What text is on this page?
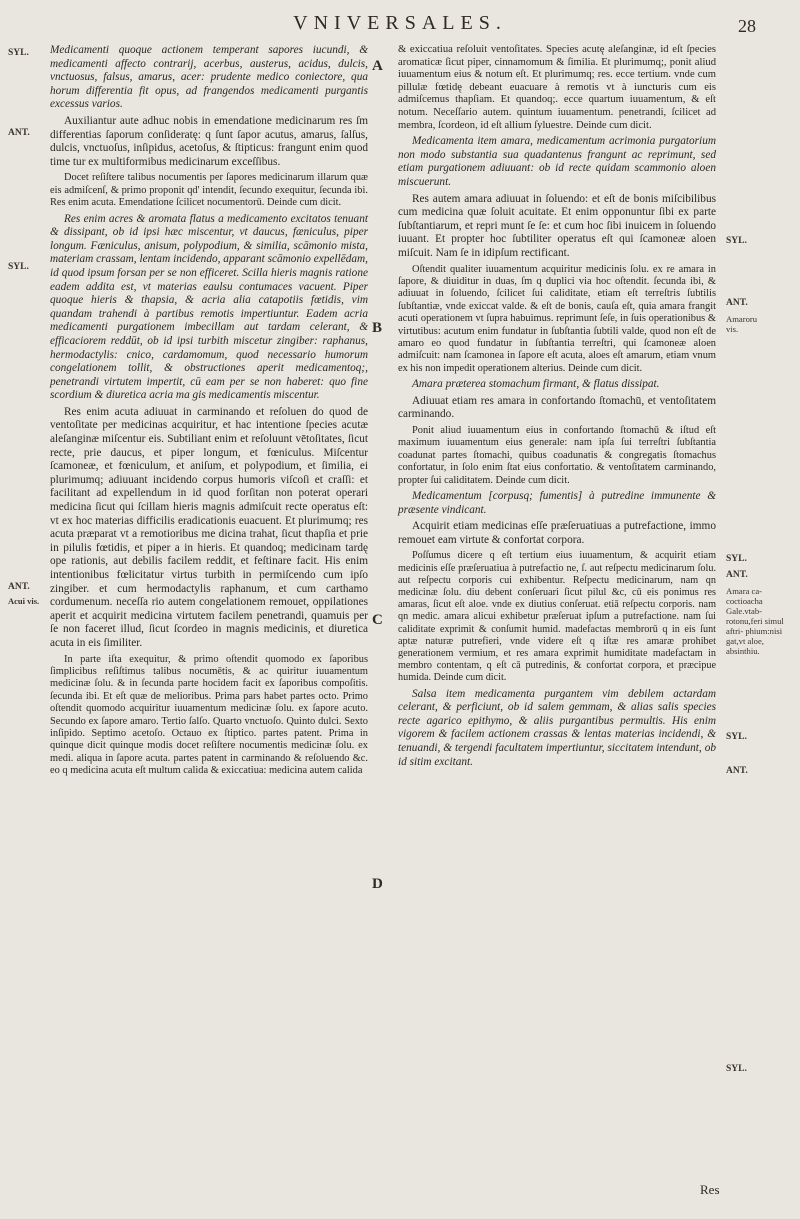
VNIVERSALES.	28
SYL.
ANT.
SYL.
ANT.
Acui vis.
SYL.
ANT.
Amaroru vis.
SYL.
ANT.
Amara ca- coctioacha Gale.vtab- rotonu,feri simul aftri- phium:nisi gat,vt aloe, absinthiu.
SYL.
ANT.
SYL.
A
B
C
D

Medicamenti quoque actionem temperant sapores iucundi, & medicamenti affecto contrarij, acerbus, austerus, acidus, dulcis, vnctuosus, falsus, amarus, acer: prudente medico coniectore, qua horum differentia fit opus, ad frangendos medicamenti purgantis excessus varios.

Auxiliantur aute adhuc nobis in emendatione medicinarum res ſm differentias ſaporum conſideratę: q ſunt ſapor acutus, amarus, ſalſus, dulcis, vnctuoſus, inſipidus, acetoſus, & ſtipticus: frangunt enim quod time tur ex multiformibus medicinarum exceſſibus.

Docet reſiſtere talibus nocumentis per ſapores medicinarum illarum quæ eis admiſcenſ, & primo proponit qd' intendit, ſecundo exequitur, ſecunda ibi. Res enim acuta. Emendatione ſcilicet nocumentorū. Deinde cum dicit.

Res enim acres & aromata flatus a medicamento excitatos tenuant & dissipant, ob id ipsi hæc miscentur, vt daucus, fæniculus, piper longum. Fæniculus, anisum, polypodium, & similia, scāmonio mista, materiam crassam, lentam incidendo, apparant scāmonio expellēdam, id quod ipsum forsan per se non efficeret. Scilla hieris magnis ratione eadem addita est, vt materias eaulsu contumaces vacuent. Piper quoque hieris & thapsia, & acria alia catapotiis fœtidis, vim quandam trahendi à partibus remotis impertiuntur. Eadem acria medicamenti purgationem imbecillam aut tardam celerant, & efficaciorem reddūt, ob id ipsi turbith miscetur zingiber: raphanus, hermodactylis: cnico, cardamomum, quod necessario humorum congelationem tollit, & obstructiones aperit medicamentoq;, penetrandi virtutem impertit, cū eam per se non haberet: quo fine scordium & diuretica acria ma gis medicamentis miscentur.

Res enim acuta adiuuat in carminando et reſoluen do quod de ventoſitate per medicinas acquiritur, et hac intentione ſpecies acutæ aleſanginæ miſcentur eis. Subtiliant enim et reſoluunt vētoſitates, ſicut recte, prie daucus, et piper longum, et fœniculus. Miſcentur ſcamoneæ, et fœniculum, et aniſum, et polypodium, et ſimilia, ei plurimumq; adiuuant incidendo corpus humoris viſcoſi et craſſi: et facilitant ad expellendum in id quod forſitan non poterat operari medicina ſicut qui ſcillam hieris magnis admiſcuit recte operatus eſt: vt ex hoc materias difficilis eradicationis euacuent. Et plurimumq; res acuta præparat vt a remotioribus me dicina trahat, ſicut thapſia et prie in pilulis fœtidis, et piper a in hieris. Et quandoq; medicinam tardę ope rationis, aut debilis facilem reddit, et feſtinare facit. His enim intentionibus fœlicitatur virtus turbith in permiſcendo cum ipſo zingiber. et cum hermodactylis raphanum, et cum carthamo cordumenum. neceſſa rio autem congelationem remouet, oppilationes aperit et acquirit medicina virtutem facilem penetrandi, quamuis per ſe non faceret illud, ſicut ſcordeo in magnis medicinis, et diuretica acuta in eis ſimiliter.

In parte iſta exequitur, & primo oſtendit quomodo ex ſaporibus ſimplicibus reſiſtimus talibus nocumētis, & ac quiritur iuuamentum medicinæ ſolu. & in ſecunda parte hocidem facit ex ſaporibus compoſitis. ſecunda ibi. Et eſt quæ de melioribus. Prima pars habet partes octo. Primo oſtendit quomodo acquiritur iuuamentum medicinæ ſolu. ex ſapore acuto. Secundo ex ſapore amaro. Tertio ſalſo. Quarto vnctuoſo. Quinto dulci. Sexto inſipido. Septimo acetoſo. Octauo ex ſtiptico. partes patent. Prima in quinque dicit quinque modis docet reſiſtere nocumentis medicinæ ſolu. ex medi. aliqua in ſapore acuta. partes patent in carminando & reſoluendo &c. eo q medicina acuta eſt multum calida & exiccatiua: medicina autem calida

& exiccatiua reſoluit ventoſitates. Species acutę aleſanginæ, id eſt ſpecies aromaticæ ſicut piper, cinnamomum & ſimilia. Et plurimumq;, ponit aliud iuuamentum eius & notum eſt. Et plurimumq; res. ecce tertium. vnde cum pillulæ fœtidę debeant euacuare à remotis vt à iuncturis cum eis admiſcemus thapſiam. Et quandoq;. ecce quartum iuuamentum, & eſt notum. Neceſſario autem. quintum iuuamentum. penetrandi, ſcilicet ad membra, ſcordeon, id eſt allium ſyluestre. Deinde cum dicit.

Medicamenta item amara, medicamentum acrimonia purgatorium non modo substantia sua quadantenus frangunt ac reprimunt, sed etiam purgationem adiuuant: ob id recte quidam scammonio aloen miscuerunt.

Res autem amara adiuuat in ſoluendo: et eſt de bonis miſcibilibus cum medicina quæ ſoluit acuitate. Et enim opponuntur ſibi ex parte ſubſtantiarum, et repri munt ſe ſe: et cum hoc ſibi inuicem in ſoluendo iuuant. Et propter hoc ſubtiliter operatus eſt qui ſcamoneæ aloen miſcuit. Nam ſe in idipſum rectificant.

Oſtendit qualiter iuuamentum acquiritur medicinis ſolu. ex re amara in ſapore, & diuiditur in duas, ſm q duplici via hoc oſtendit. ſecunda ibi, & adiuuat in ſoluendo, ſcilicet ſui caliditate, etiam eſt terreſtris ſubtilis ſubſtantiæ, vnde exiccat valde. & eſt de bonis, cauſa eſt, quia amara frangit acuti operationem vt ſupra habuimus. reprimunt ſeſe, in ſuis operationibus & virtutibus: acutum enim fundatur in ſubſtantia ſubtili valde, quod non eſt de amaro eo quod fundatur in ſubſtantia terreſtri, qui ſcamoneæ aloen admiſcuit: nam ſcamonea in ſapore eſt acuta, aloes eſt amarum, etiam vnum ex his non impedit operationem alterius. Deinde cum dicit.

Amara præterea stomachum firmant, & flatus dissipat.

Adiuuat etiam res amara in confortando ſtomachū, et ventoſitatem carminando.

Ponit aliud iuuamentum eius in confortando ſtomachū & iſtud eſt maximum iuuamentum eius generale: nam ipſa ſui terreſtri ſubſtantia coadunat partes ſtomachi, quibus coadunatis & congregatis ſtomachus confortatur, in ſolo enim ſtat eius confortatio. & ventoſitatem carminando, propter ſui caliditatem. Deinde cum dicit.

Medicamentum [corpusq; fumentis] à putredine immunente & præsente vindicant.

Acquirit etiam medicinas eſſe præſeruatiuas a putrefactione, immo remouet eam virtute & confortat corpora.

Poſſumus dicere q eſt tertium eius iuuamentum, & acquirit etiam medicinis eſſe præſeruatiua à putrefactio ne, ſ. aut reſpectu medicinarum ſolu. aut reſpectu corporis cui exhibentur. Reſpectu medicinarum, nam qn medicinæ ſolu. diu debent conſeruari ſicut pilul &c, cū eis ponimus res amaras, ſicut eſt aloe. vnde ex diutius conſeruat. etiā reſpectu corporis. nam qn medic. amara alicui exhibetur præſeruat ipſum a putrefactione. nam ſui caliditate exprimit & conſumit humid. madefactas membrorū q in eis ſunt aptæ naturæ putrefieri, vnde videre eſt q iſtæ res amaræ prohibet generationem vermium, et res amara exprimit humiditate madefactam in membro contentam, q eſt cā putredinis, & confortat corpora, et præcipue humida. Deinde cum dicit.

Salsa item medicamenta purgantem vim debilem actardam celerant, & perficiunt, ob id salem gemmam, & alias salis species recte agarico epithymo, & aliis purgantibus permultis. His enim vigorem & facilem actionem crassas & lentas materias incidendi, & tenuandi, & tergendi facultatem impertiuntur, siccitatem intendunt, ob id sitim excitant.

Res
